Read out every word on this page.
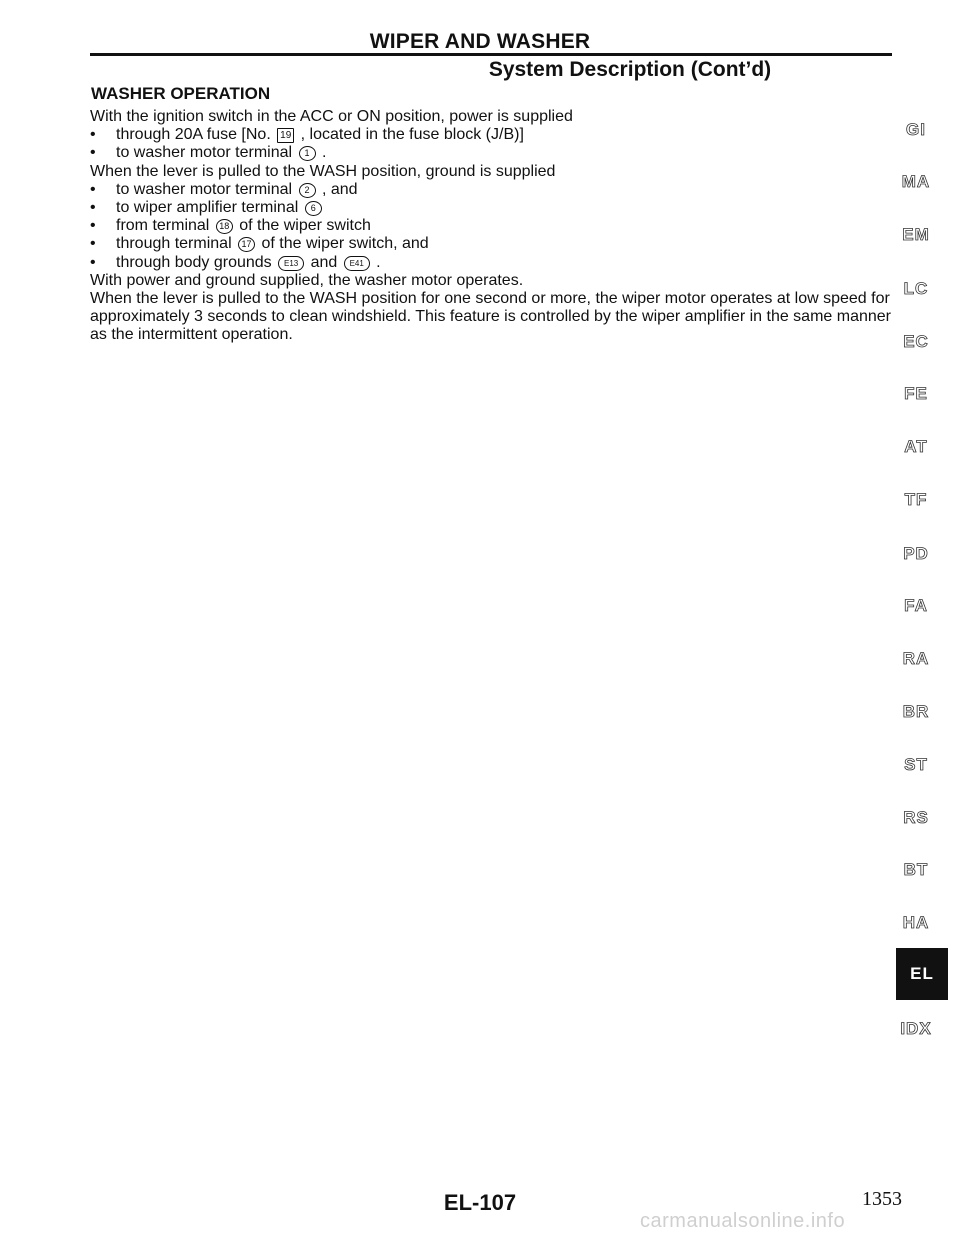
WIPER AND WASHER
System Description (Cont’d)
WASHER OPERATION
With the ignition switch in the ACC or ON position, power is supplied
• through 20A fuse [No. 19 , located in the fuse block (J/B)]
• to washer motor terminal 1 .
When the lever is pulled to the WASH position, ground is supplied
• to washer motor terminal 2 , and
• to wiper amplifier terminal 6
• from terminal 18 of the wiper switch
• through terminal 17 of the wiper switch, and
• through body grounds E13 and E41 .
With power and ground supplied, the washer motor operates.
When the lever is pulled to the WASH position for one second or more, the wiper motor operates at low speed for approximately 3 seconds to clean windshield. This feature is controlled by the wiper amplifier in the same manner as the intermittent operation.
GI
MA
EM
LC
EC
FE
AT
TF
PD
FA
RA
BR
ST
RS
BT
HA
EL
IDX
EL-107	1353
carmanualsonline.info
